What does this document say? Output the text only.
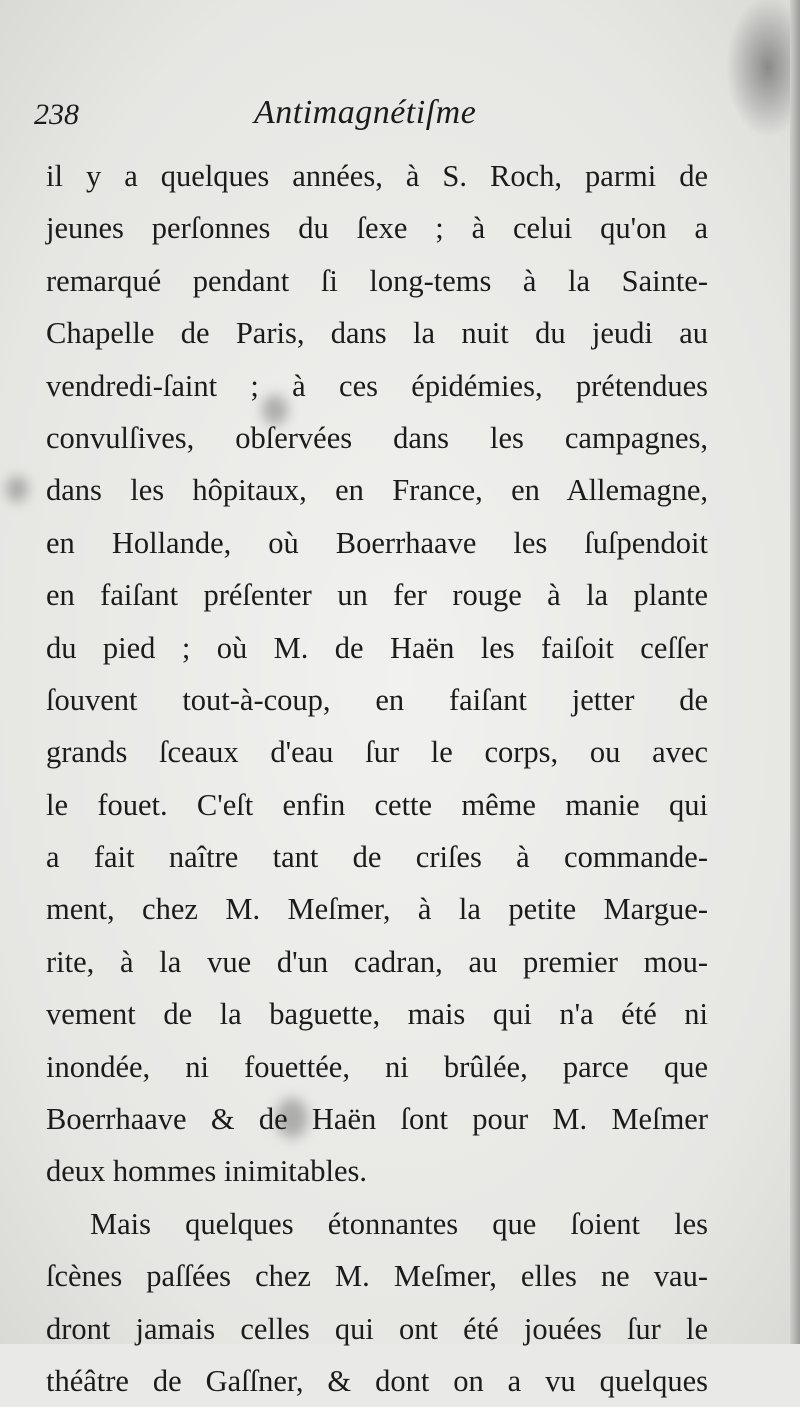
238	Antimagnétiſme
il y a quelques années, à S. Roch, parmi de
jeunes perſonnes du ſexe ; à celui qu'on a
remarqué pendant ſi long-tems à la Sainte-
Chapelle de Paris, dans la nuit du jeudi au
vendredi-ſaint ; à ces épidémies, prétendues
convulſives, obſervées dans les campagnes,
dans les hôpitaux, en France, en Allemagne,
en Hollande, où Boerrhaave les ſuſpendoit
en faiſant préſenter un fer rouge à la plante
du pied ; où M. de Haën les faiſoit ceſſer
ſouvent tout-à-coup, en faiſant jetter de
grands ſceaux d'eau ſur le corps, ou avec
le fouet. C'eſt enfin cette même manie qui
a fait naître tant de criſes à commande-
ment, chez M. Meſmer, à la petite Margue-
rite, à la vue d'un cadran, au premier mou-
vement de la baguette, mais qui n'a été ni
inondée, ni fouettée, ni brûlée, parce que
Boerrhaave & de Haën ſont pour M. Meſmer
deux hommes inimitables.
Mais quelques étonnantes que ſoient les
ſcènes paſſées chez M. Meſmer, elles ne vau-
dront jamais celles qui ont été jouées ſur le
théâtre de Gaſſner, & dont on a vu quelques
